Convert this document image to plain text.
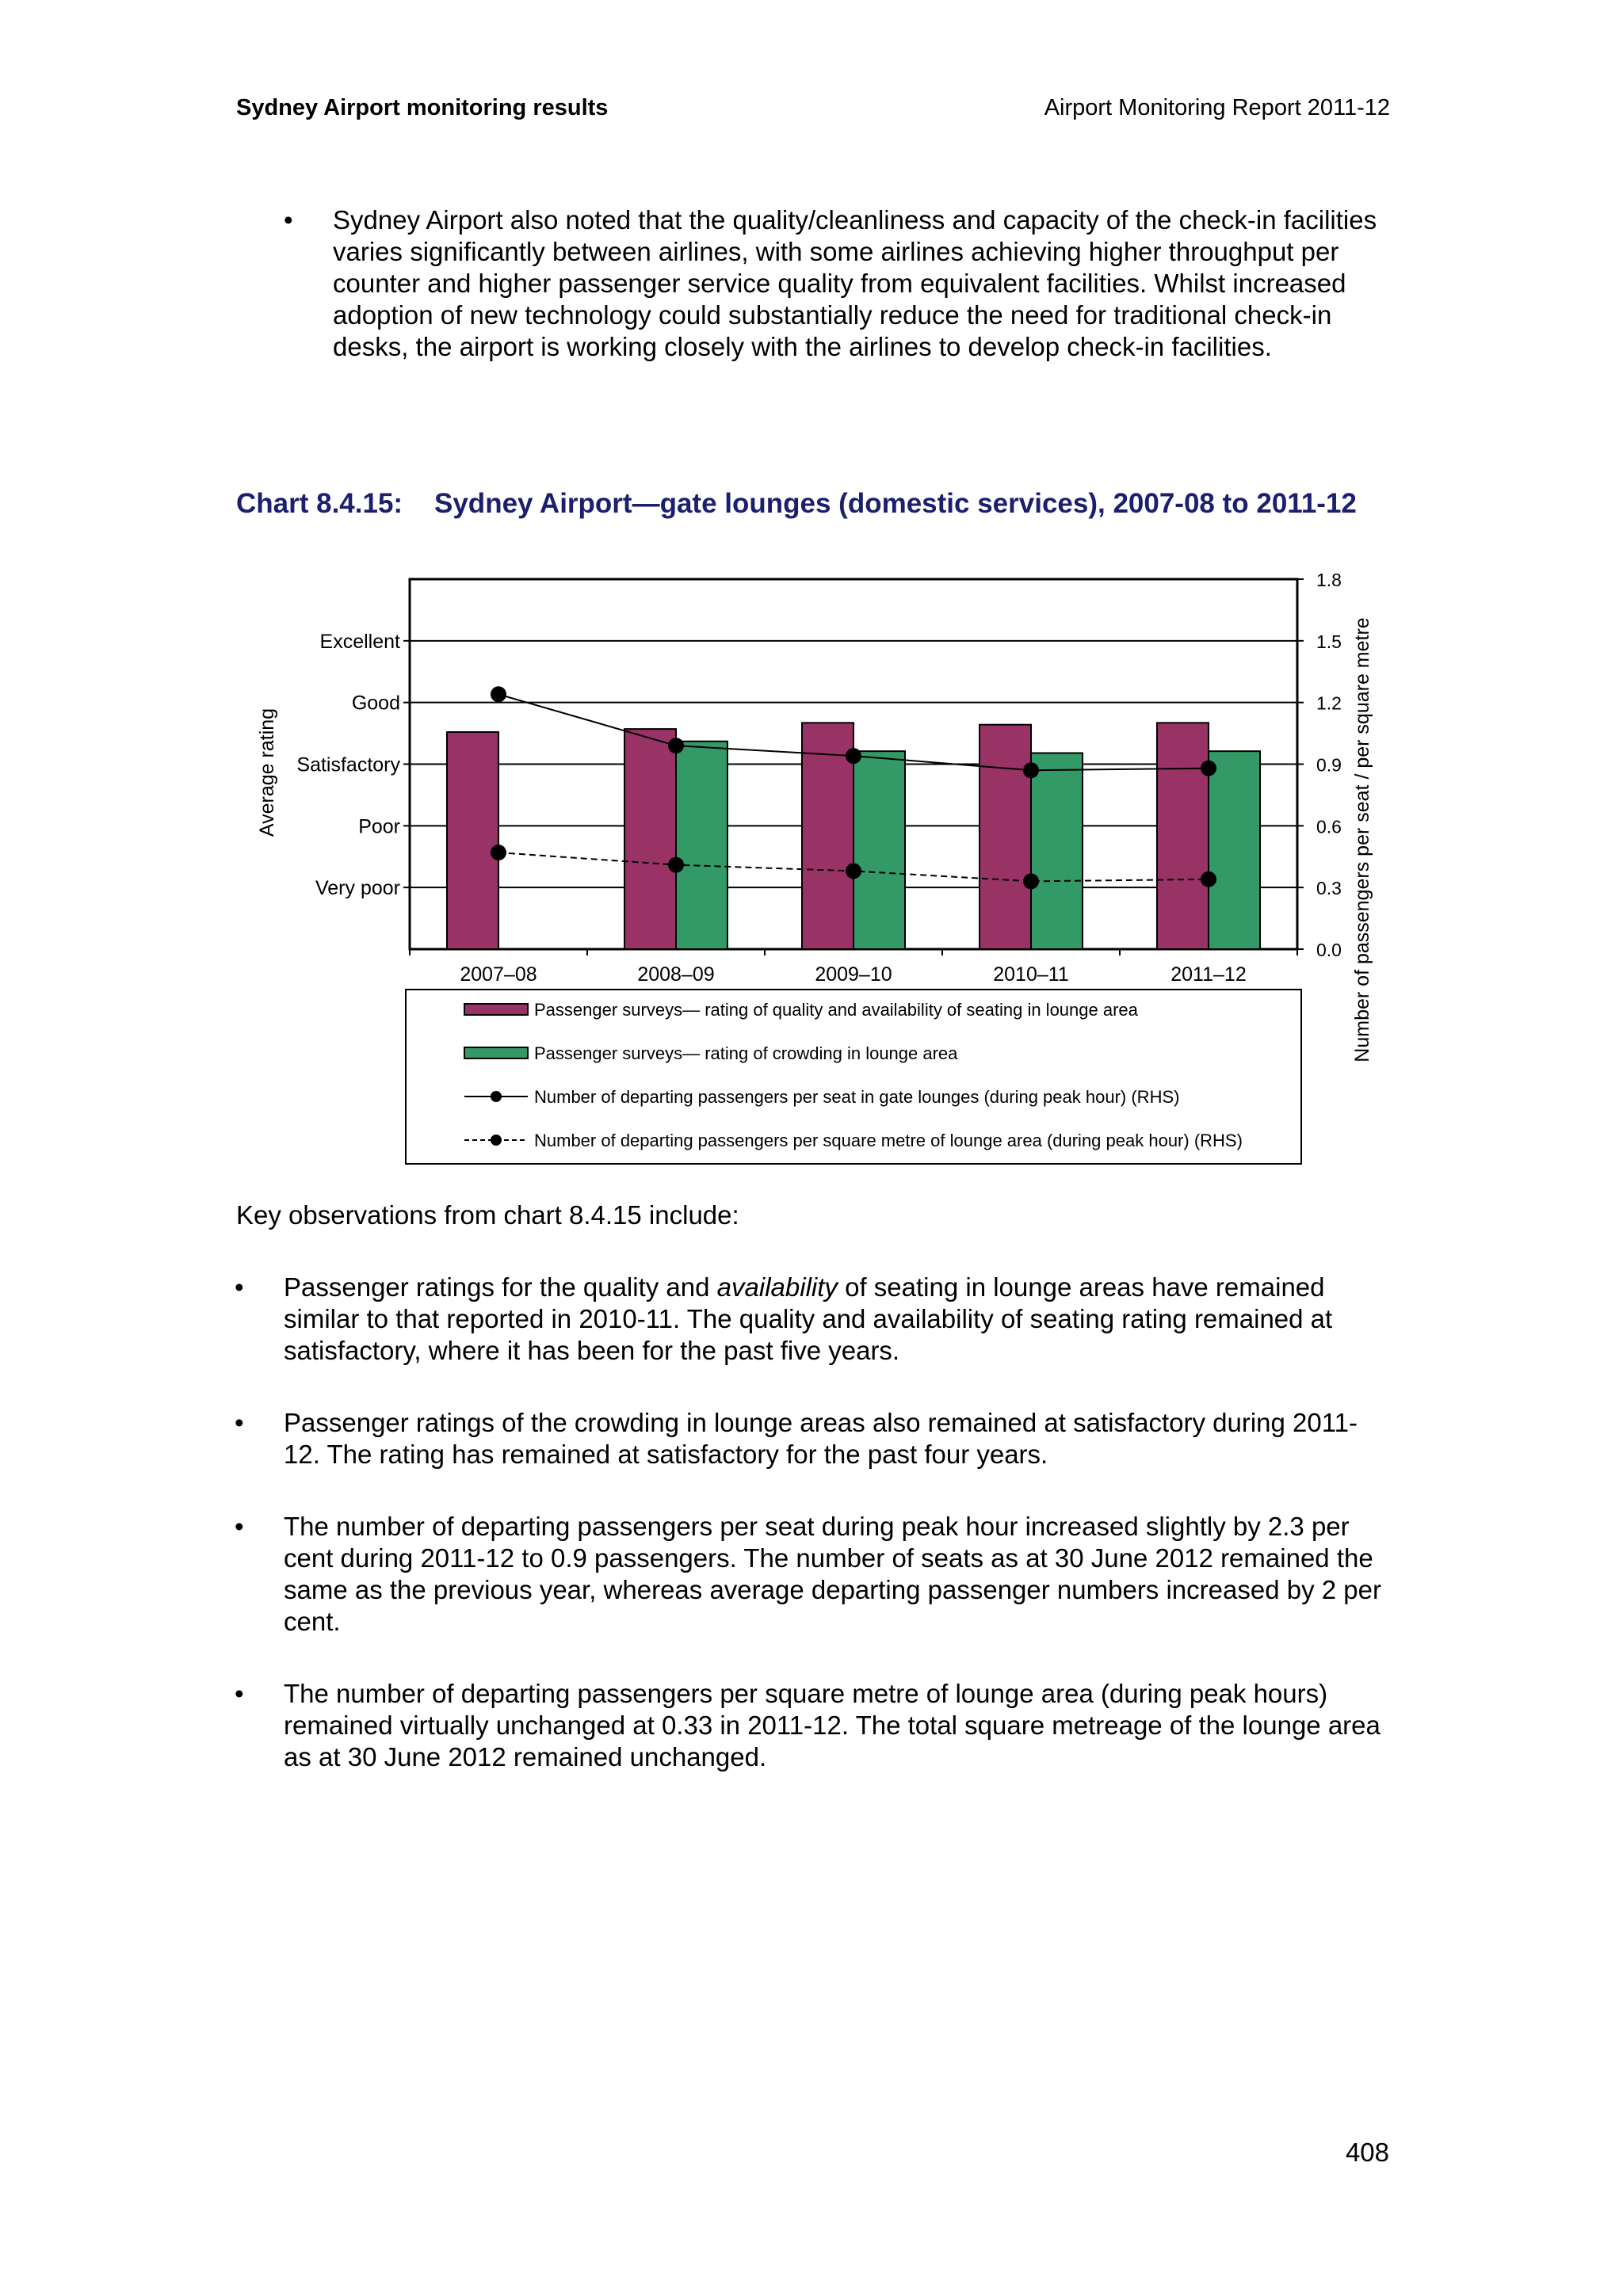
Sydney Airport monitoring results	Airport Monitoring Report 2011-12
• Sydney Airport also noted that the quality/cleanliness and capacity of the check-in facilities varies significantly between airlines, with some airlines achieving higher throughput per counter and higher passenger service quality from equivalent facilities. Whilst increased adoption of new technology could substantially reduce the need for traditional check-in desks, the airport is working closely with the airlines to develop check-in facilities.
Chart 8.4.15: Sydney Airport—gate lounges (domestic services), 2007-08 to 2011-12
Very poor
Poor
Satisfactory
Good
Excellent
0.0
0.3
0.6
0.9
1.2
1.5
1.8
2007–08	2008–09	2009–10	2010–11	2011–12
Average rating	Number of passengers per seat / per square metre
Passenger surveys— rating of quality and availability of seating in lounge area
Passenger surveys— rating of crowding in lounge area
Number of departing passengers per seat in gate lounges (during peak hour) (RHS)
Number of departing passengers per square metre of lounge area (during peak hour) (RHS)
Key observations from chart 8.4.15 include:
• Passenger ratings for the quality and availability of seating in lounge areas have remained similar to that reported in 2010-11. The quality and availability of seating rating remained at satisfactory, where it has been for the past five years.
• Passenger ratings of the crowding in lounge areas also remained at satisfactory during 2011-12. The rating has remained at satisfactory for the past four years.
• The number of departing passengers per seat during peak hour increased slightly by 2.3 per cent during 2011-12 to 0.9 passengers. The number of seats as at 30 June 2012 remained the same as the previous year, whereas average departing passenger numbers increased by 2 per cent.
• The number of departing passengers per square metre of lounge area (during peak hours) remained virtually unchanged at 0.33 in 2011-12. The total square metreage of the lounge area as at 30 June 2012 remained unchanged.
408
